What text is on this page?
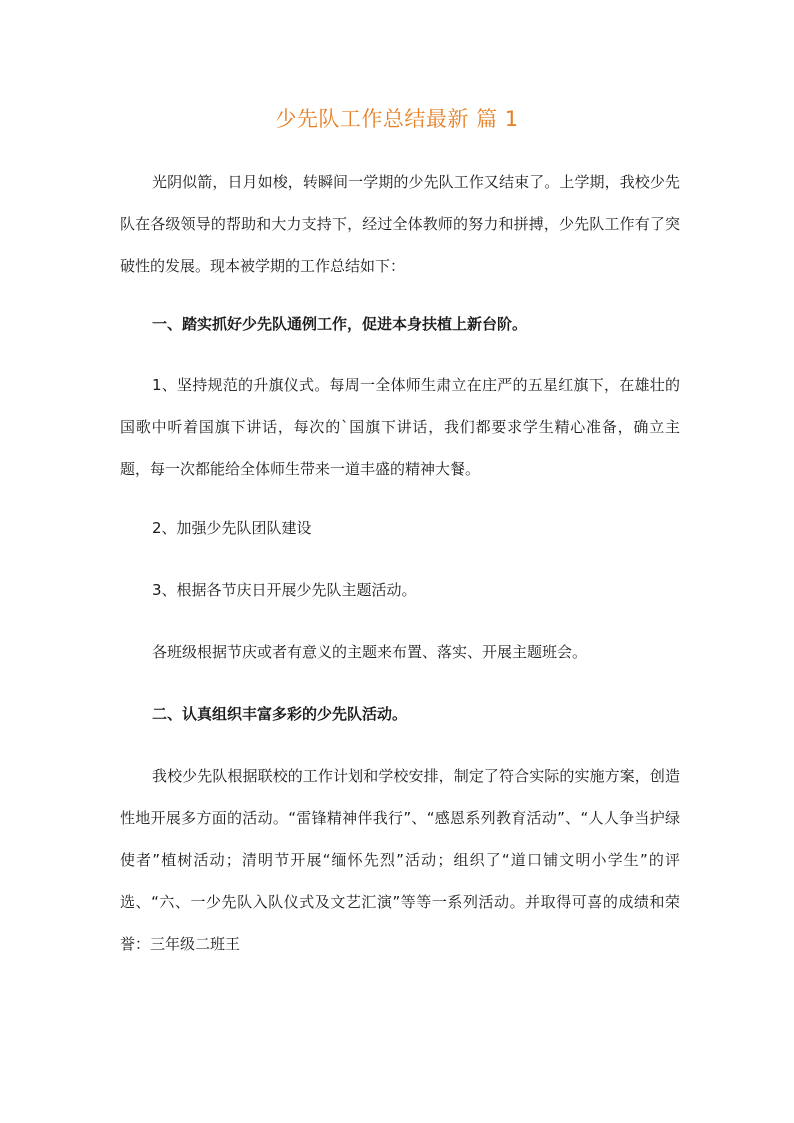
少先队工作总结最新 篇 1

光阴似箭，日月如梭，转瞬间一学期的少先队工作又结束了。上学期，我校少先队在各级领导的帮助和大力支持下，经过全体教师的努力和拼搏，少先队工作有了突破性的发展。现本被学期的工作总结如下：

一、踏实抓好少先队通例工作，促进本身扶植上新台阶。

1、坚持规范的升旗仪式。每周一全体师生肃立在庄严的五星红旗下，在雄壮的国歌中听着国旗下讲话，每次的`国旗下讲话，我们都要求学生精心准备，确立主题，每一次都能给全体师生带来一道丰盛的精神大餐。

2、加强少先队团队建设

3、根据各节庆日开展少先队主题活动。

各班级根据节庆或者有意义的主题来布置、落实、开展主题班会。

二、认真组织丰富多彩的少先队活动。

我校少先队根据联校的工作计划和学校安排，制定了符合实际的实施方案，创造性地开展多方面的活动。“雷锋精神伴我行”、“感恩系列教育活动”、“人人争当护绿使者”植树活动；清明节开展“缅怀先烈”活动；组织了“道口铺文明小学生”的评选、“六、一少先队入队仪式及文艺汇演”等等一系列活动。并取得可喜的成绩和荣誉：三年级二班王
